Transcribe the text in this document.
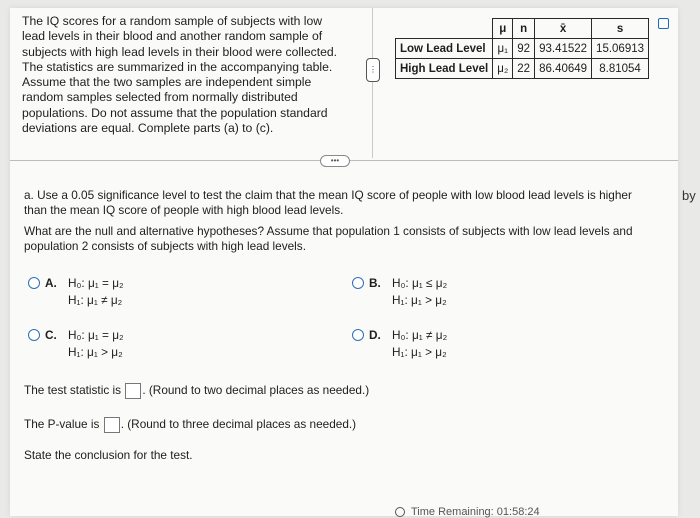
The IQ scores for a random sample of subjects with low lead levels in their blood and another random sample of subjects with high lead levels in their blood were collected. The statistics are summarized in the accompanying table. Assume that the two samples are independent simple random samples selected from normally distributed populations. Do not assume that the population standard deviations are equal. Complete parts (a) to (c).
⋮
	μ	n	x̄	s
Low Lead Level	μ₁	92	93.41522	15.06913
High Lead Level	μ₂	22	86.40649	8.81054
•••
a. Use a 0.05 significance level to test the claim that the mean IQ score of people with low blood lead levels is higher than the mean IQ score of people with high blood lead levels.
What are the null and alternative hypotheses? Assume that population 1 consists of subjects with low lead levels and population 2 consists of subjects with high lead levels.
A. H₀: μ₁ = μ₂
H₁: μ₁ ≠ μ₂
B. H₀: μ₁ ≤ μ₂
H₁: μ₁ > μ₂
C. H₀: μ₁ = μ₂
H₁: μ₁ > μ₂
D. H₀: μ₁ ≠ μ₂
H₁: μ₁ > μ₂
The test statistic is . (Round to two decimal places as needed.)
The P-value is . (Round to three decimal places as needed.)
State the conclusion for the test.
Time Remaining: 01:58:24
by
